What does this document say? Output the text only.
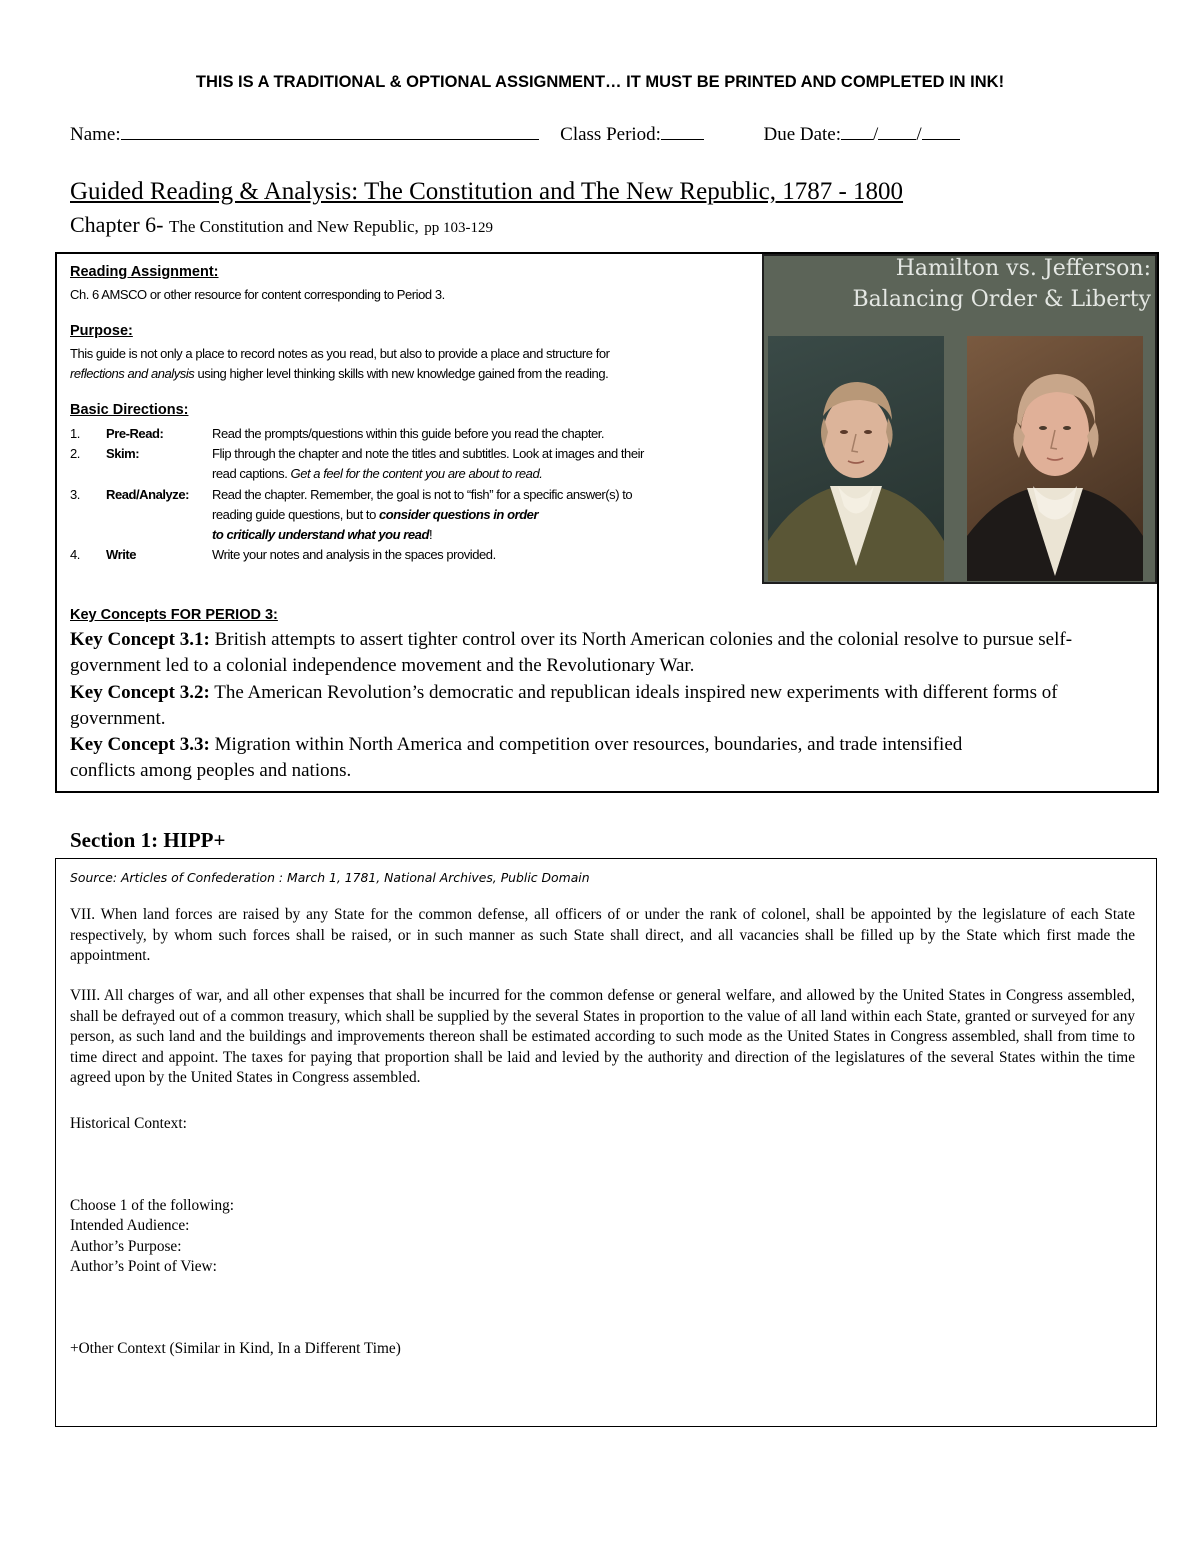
THIS IS A TRADITIONAL & OPTIONAL ASSIGNMENT… IT MUST BE PRINTED AND COMPLETED IN INK!
Name:	Class Period:	Due Date: / /
Guided Reading & Analysis: The Constitution and The New Republic, 1787 - 1800
Chapter 6- The Constitution and New Republic, pp 103-129
Reading Assignment:
Ch. 6 AMSCO or other resource for content corresponding to Period 3.
Purpose:
This guide is not only a place to record notes as you read, but also to provide a place and structure for
reflections and analysis using higher level thinking skills with new knowledge gained from the reading.
Basic Directions:
1. Pre-Read:	Read the prompts/questions within this guide before you read the chapter.
2. Skim:	Flip through the chapter and note the titles and subtitles. Look at images and their
read captions. Get a feel for the content you are about to read.
3. Read/Analyze: Read the chapter. Remember, the goal is not to “fish” for a specific answer(s) to
reading guide questions, but to consider questions in order
to critically understand what you read!
4. Write	Write your notes and analysis in the spaces provided.
Hamilton vs. Jefferson:
Balancing Order & Liberty
Key Concepts FOR PERIOD 3:
Key Concept 3.1: British attempts to assert tighter control over its North American colonies and the colonial resolve to pursue self-government led to a colonial independence movement and the Revolutionary War.
Key Concept 3.2: The American Revolution’s democratic and republican ideals inspired new experiments with different forms of government.
Key Concept 3.3: Migration within North America and competition over resources, boundaries, and trade intensified conflicts among peoples and nations.
Section 1: HIPP+
Source: Articles of Confederation : March 1, 1781, National Archives, Public Domain
VII. When land forces are raised by any State for the common defense, all officers of or under the rank of colonel, shall be appointed by the legislature of each State respectively, by whom such forces shall be raised, or in such manner as such State shall direct, and all vacancies shall be filled up by the State which first made the appointment.
VIII. All charges of war, and all other expenses that shall be incurred for the common defense or general welfare, and allowed by the United States in Congress assembled, shall be defrayed out of a common treasury, which shall be supplied by the several States in proportion to the value of all land within each State, granted or surveyed for any person, as such land and the buildings and improvements thereon shall be estimated according to such mode as the United States in Congress assembled, shall from time to time direct and appoint. The taxes for paying that proportion shall be laid and levied by the authority and direction of the legislatures of the several States within the time agreed upon by the United States in Congress assembled.
Historical Context:
Choose 1 of the following:
Intended Audience:
Author’s Purpose:
Author’s Point of View:
+Other Context (Similar in Kind, In a Different Time)
